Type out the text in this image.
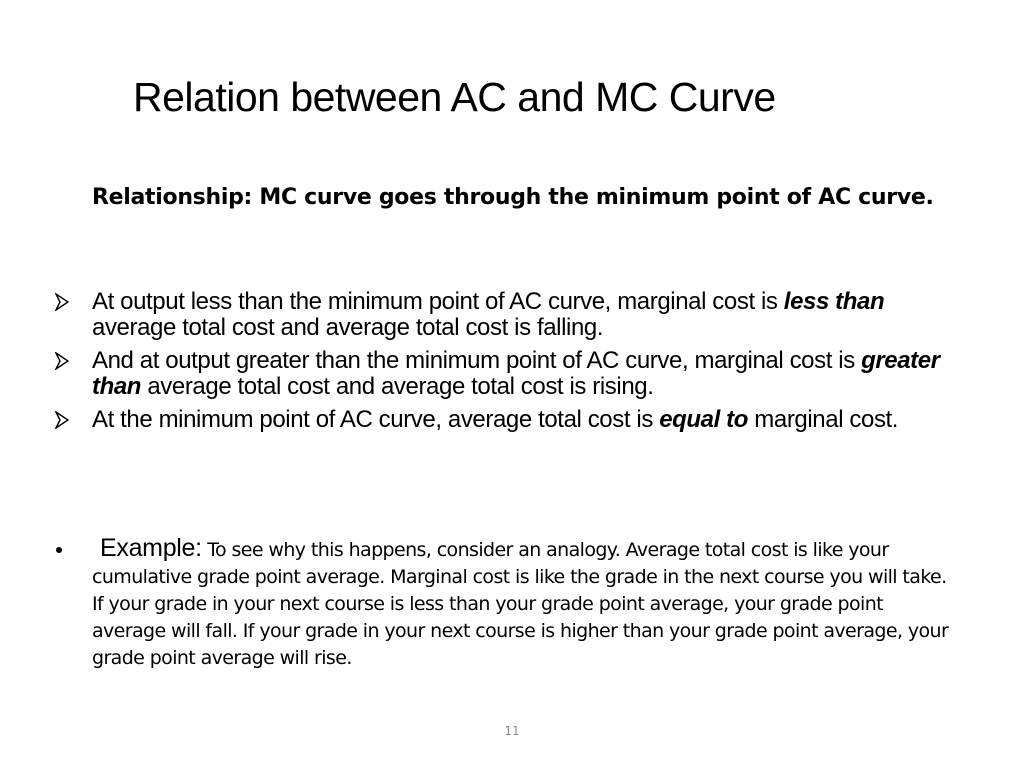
Relation between AC and MC Curve

Relationship: MC curve goes through the minimum point of AC curve.

At output less than the minimum point of AC curve, marginal cost is less than average total cost and average total cost is falling.
And at output greater than the minimum point of AC curve, marginal cost is greater than average total cost and average total cost is rising.
At the minimum point of AC curve, average total cost is equal to marginal cost.
Example: To see why this happens, consider an analogy. Average total cost is like your cumulative grade point average. Marginal cost is like the grade in the next course you will take. If your grade in your next course is less than your grade point average, your grade point average will fall. If your grade in your next course is higher than your grade point average, your grade point average will rise.
11
